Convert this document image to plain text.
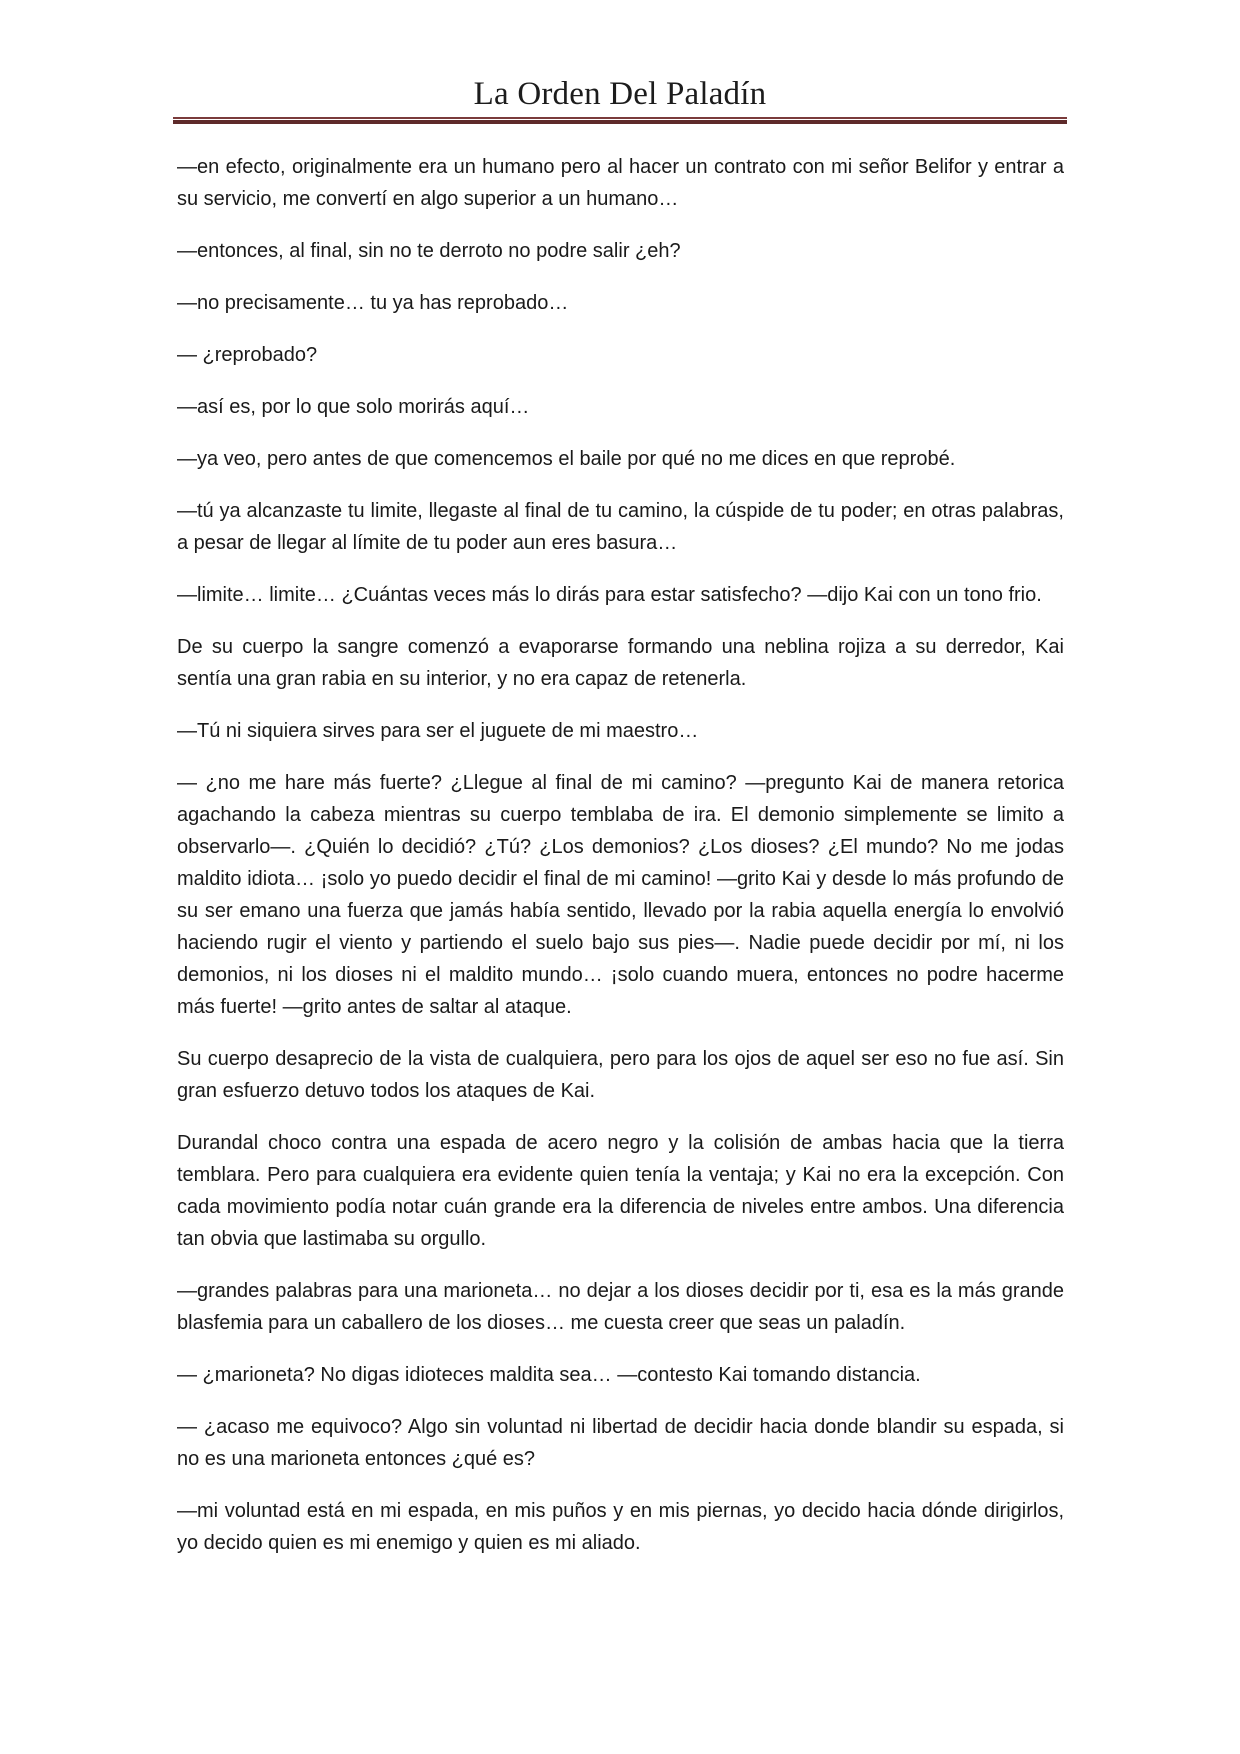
La Orden Del Paladín

—en efecto, originalmente era un humano pero al hacer un contrato con mi señor Belifor y entrar a su servicio, me convertí en algo superior a un humano…

—entonces, al final, sin no te derroto no podre salir ¿eh?

—no precisamente… tu ya has reprobado…

— ¿reprobado?

—así es, por lo que solo morirás aquí…

—ya veo, pero antes de que comencemos el baile por qué no me dices en que reprobé.

—tú ya alcanzaste tu limite, llegaste al final de tu camino, la cúspide de tu poder; en otras palabras, a pesar de llegar al límite de tu poder aun eres basura…

—limite… limite… ¿Cuántas veces más lo dirás para estar satisfecho? —dijo Kai con un tono frio.

De su cuerpo la sangre comenzó a evaporarse formando una neblina rojiza a su derredor, Kai sentía una gran rabia en su interior, y no era capaz de retenerla.

—Tú ni siquiera sirves para ser el juguete de mi maestro…

— ¿no me hare más fuerte? ¿Llegue al final de mi camino? —pregunto Kai de manera retorica agachando la cabeza mientras su cuerpo temblaba de ira. El demonio simplemente se limito a observarlo—. ¿Quién lo decidió? ¿Tú? ¿Los demonios? ¿Los dioses? ¿El mundo? No me jodas maldito idiota… ¡solo yo puedo decidir el final de mi camino! —grito Kai y desde lo más profundo de su ser emano una fuerza que jamás había sentido, llevado por la rabia aquella energía lo envolvió haciendo rugir el viento y partiendo el suelo bajo sus pies—. Nadie puede decidir por mí, ni los demonios, ni los dioses ni el maldito mundo… ¡solo cuando muera, entonces no podre hacerme más fuerte! —grito antes de saltar al ataque.

Su cuerpo desaprecio de la vista de cualquiera, pero para los ojos de aquel ser eso no fue así. Sin gran esfuerzo detuvo todos los ataques de Kai.

Durandal choco contra una espada de acero negro y la colisión de ambas hacia que la tierra temblara. Pero para cualquiera era evidente quien tenía la ventaja; y Kai no era la excepción. Con cada movimiento podía notar cuán grande era la diferencia de niveles entre ambos. Una diferencia tan obvia que lastimaba su orgullo.

—grandes palabras para una marioneta… no dejar a los dioses decidir por ti, esa es la más grande blasfemia para un caballero de los dioses… me cuesta creer que seas un paladín.

— ¿marioneta? No digas idioteces maldita sea… —contesto Kai tomando distancia.

— ¿acaso me equivoco? Algo sin voluntad ni libertad de decidir hacia donde blandir su espada, si no es una marioneta entonces ¿qué es?

—mi voluntad está en mi espada, en mis puños y en mis piernas, yo decido hacia dónde dirigirlos, yo decido quien es mi enemigo y quien es mi aliado.
